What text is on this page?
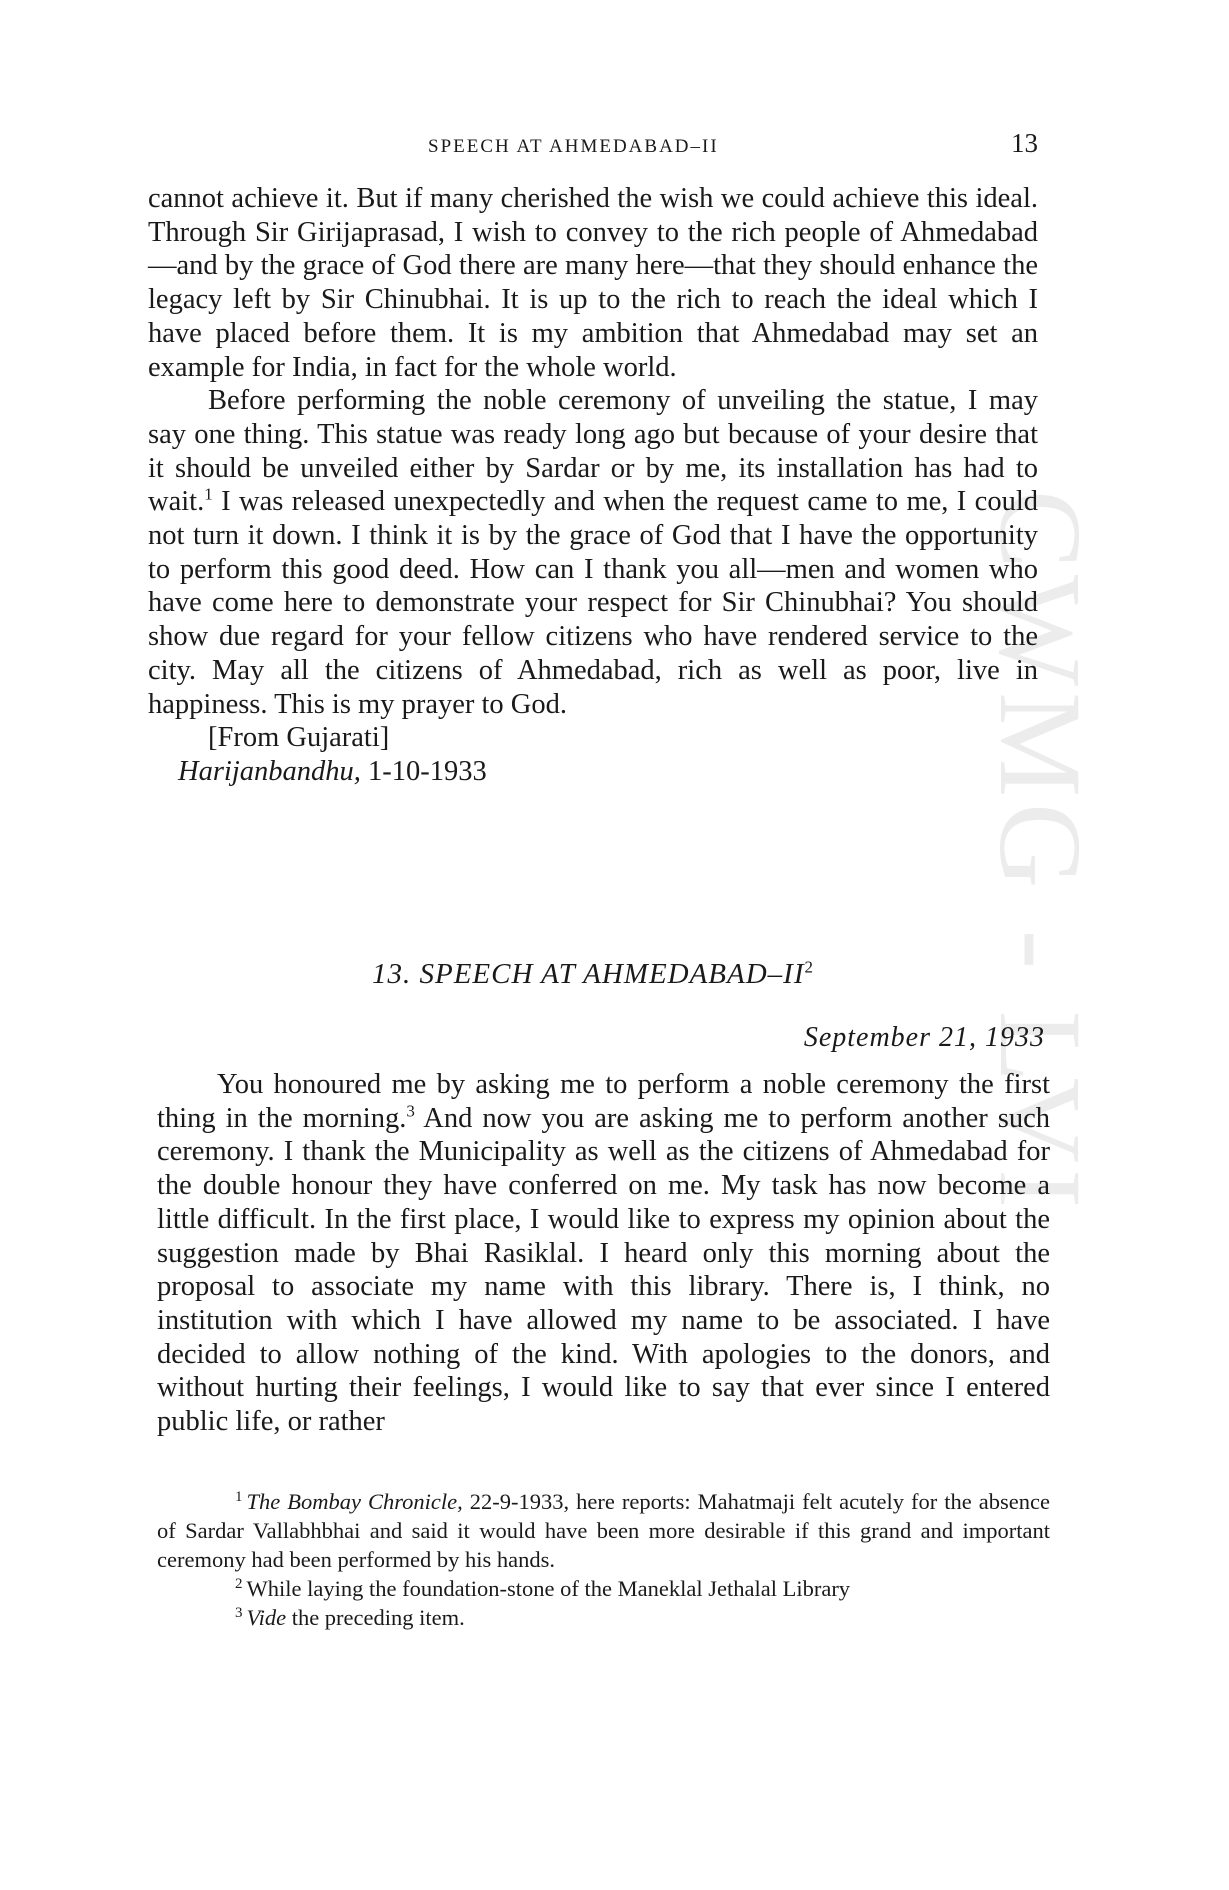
CWMG - LVI
SPEECH AT AHMEDABAD–II	13

cannot achieve it. But if many cherished the wish we could achieve this ideal. Through Sir Girijaprasad, I wish to convey to the rich people of Ahmedabad—and by the grace of God there are many here—that they should enhance the legacy left by Sir Chinubhai. It is up to the rich to reach the ideal which I have placed before them. It is my ambition that Ahmedabad may set an example for India, in fact for the whole world.

Before performing the noble ceremony of unveiling the statue, I may say one thing. This statue was ready long ago but because of your desire that it should be unveiled either by Sardar or by me, its installation has had to wait.$^1$ I was released unexpectedly and when the request came to me, I could not turn it down. I think it is by the grace of God that I have the opportunity to perform this good deed. How can I thank you all—men and women who have come here to demonstrate your respect for Sir Chinubhai? You should show due regard for your fellow citizens who have rendered service to the city. May all the citizens of Ahmedabad, rich as well as poor, live in happiness. This is my prayer to God.

[From Gujarati]

Harijanbandhu, 1-10-1933

13. SPEECH AT AHMEDABAD–$II^2$
September 21, 1933

You honoured me by asking me to perform a noble ceremony the first thing in the morning.$^3$ And now you are asking me to perform another such ceremony. I thank the Municipality as well as the citizens of Ahmedabad for the double honour they have conferred on me. My task has now become a little difficult. In the first place, I would like to express my opinion about the suggestion made by Bhai Rasiklal. I heard only this morning about the proposal to associate my name with this library. There is, I think, no institution with which I have allowed my name to be associated. I have decided to allow nothing of the kind. With apologies to the donors, and without hurting their feelings, I would like to say that ever since I entered public life, or rather

$^1$ The Bombay Chronicle, 22-9-1933, here reports: Mahatmaji felt acutely for the absence of Sardar Vallabhbhai and said it would have been more desirable if this grand and important ceremony had been performed by his hands.

$^2$ While laying the foundation-stone of the Maneklal Jethalal Library

$^3$ Vide the preceding item.
